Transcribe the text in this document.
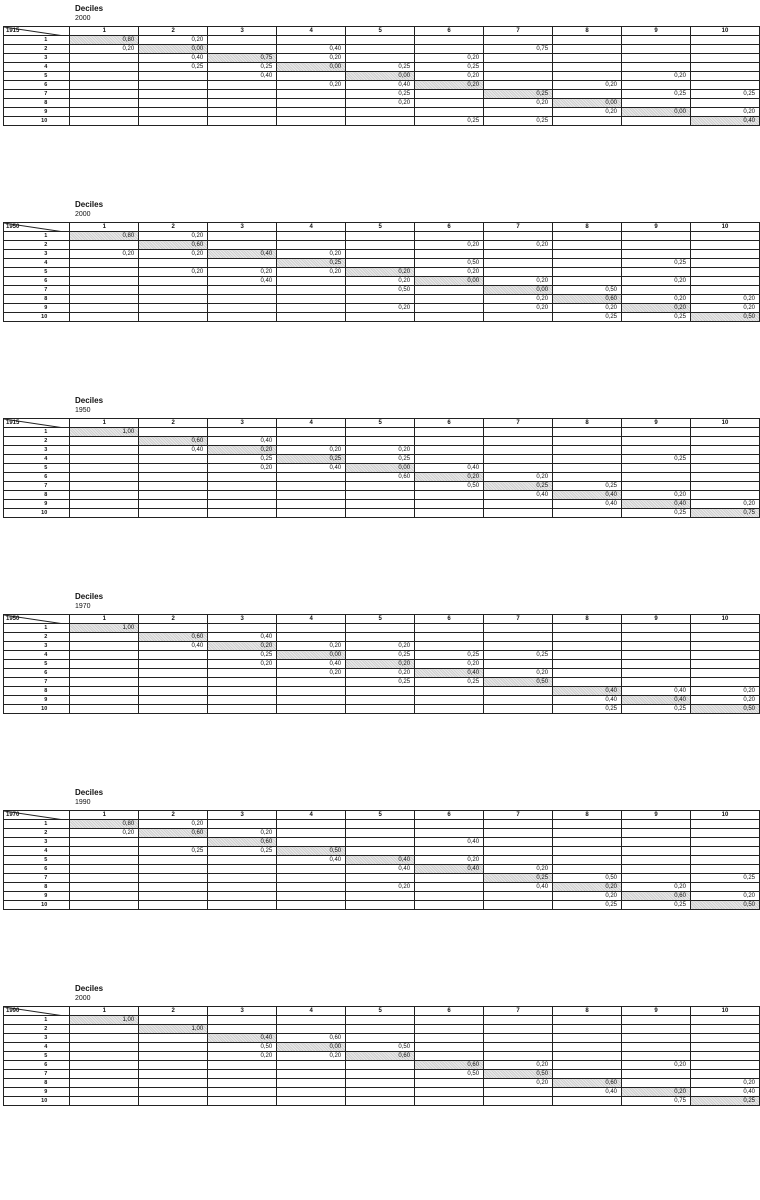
Deciles
2000
1915	1	2	3	4	5	6	7	8	9	10
1	0,80	0,20								
2	0,20	0,00		0,40			0,75			
3		0,40	0,75	0,20		0,20				
4		0,25	0,25	0,00	0,25	0,25				
5			0,40		0,00	0,20			0,20	
6				0,20	0,40	0,20		0,20		
7					0,25		0,25		0,25	0,25
8					0,20		0,20	0,00		
9								0,20	0,00	0,20
10						0,25	0,25			0,40
Deciles
2000
1950	1	2	3	4	5	6	7	8	9	10
1	0,80	0,20								
2		0,60				0,20	0,20			
3	0,20	0,20	0,40	0,20						
4				0,25		0,50			0,25	
5		0,20	0,20	0,20	0,20	0,20				
6			0,40		0,20	0,00	0,20		0,20	
7					0,50		0,00	0,50		
8							0,20	0,60	0,20	0,20
9					0,20		0,20	0,20	0,20	0,20
10								0,25	0,25	0,50
Deciles
1950
1915	1	2	3	4	5	6	7	8	9	10
1	1,00									
2		0,60	0,40							
3		0,40	0,20	0,20	0,20					
4			0,25	0,25	0,25				0,25	
5			0,20	0,40	0,00	0,40				
6					0,60	0,20	0,20			
7						0,50	0,25	0,25		
8							0,40	0,40	0,20	
9								0,40	0,40	0,20
10									0,25	0,75
Deciles
1970
1950	1	2	3	4	5	6	7	8	9	10
1	1,00									
2		0,60	0,40							
3		0,40	0,20	0,20	0,20					
4			0,25	0,00	0,25	0,25	0,25			
5			0,20	0,40	0,20	0,20				
6				0,20	0,20	0,40	0,20			
7					0,25	0,25	0,50			
8								0,40	0,40	0,20
9								0,40	0,40	0,20
10								0,25	0,25	0,50
Deciles
1990
1970	1	2	3	4	5	6	7	8	9	10
1	0,80	0,20								
2	0,20	0,60	0,20							
3			0,60			0,40				
4		0,25	0,25	0,50						
5				0,40	0,40	0,20				
6					0,40	0,40	0,20			
7							0,25	0,50		0,25
8					0,20		0,40	0,20	0,20	
9								0,20	0,60	0,20
10								0,25	0,25	0,50
Deciles
2000
1990	1	2	3	4	5	6	7	8	9	10
1	1,00									
2		1,00								
3			0,40	0,60						
4			0,50	0,00	0,50					
5			0,20	0,20	0,60					
6						0,60	0,20		0,20	
7						0,50	0,50			
8							0,20	0,60		0,20
9								0,40	0,20	0,40
10									0,75	0,25
